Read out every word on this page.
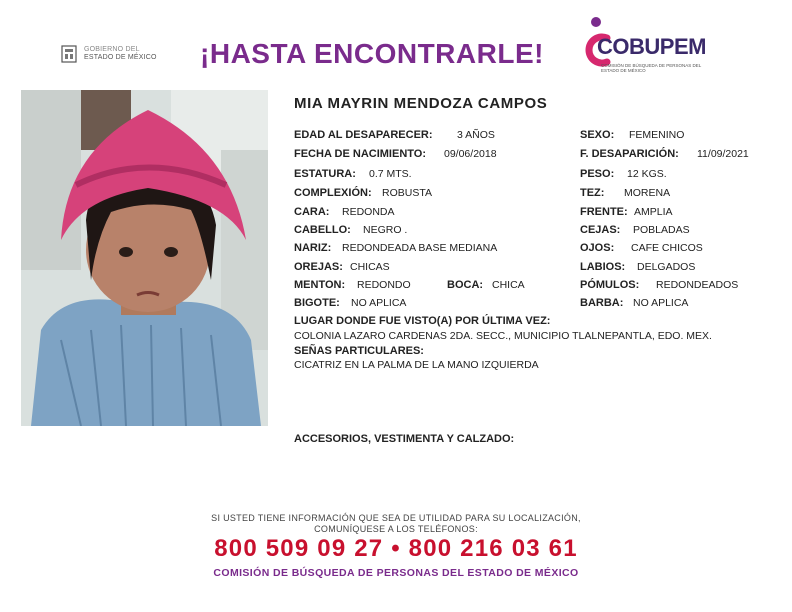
GOBIERNO DEL
ESTADO DE MÉXICO ¡HASTA ENCONTRARLE! COBUPEM
COMISIÓN DE BÚSQUEDA DE PERSONAS DEL ESTADO DE MÉXICO
MIA MAYRIN MENDOZA CAMPOS
EDAD AL DESAPARECER: 3 AÑOS	SEXO: FEMENINO
FECHA DE NACIMIENTO: 09/06/2018	F. DESAPARICIÓN: 11/09/2021
ESTATURA: 0.7 MTS.	PESO: 12 KGS.
COMPLEXIÓN: ROBUSTA	TEZ: MORENA
CARA: REDONDA	FRENTE: AMPLIA
CABELLO: NEGRO .	CEJAS: POBLADAS
NARIZ: REDONDEADA BASE MEDIANA	OJOS: CAFE CHICOS
OREJAS: CHICAS	LABIOS: DELGADOS
MENTON: REDONDO	BOCA: CHICA	PÓMULOS: REDONDEADOS
BIGOTE: NO APLICA	BARBA: NO APLICA
LUGAR DONDE FUE VISTO(A) POR ÚLTIMA VEZ:
COLONIA LAZARO CARDENAS 2DA. SECC., MUNICIPIO TLALNEPANTLA, EDO. MEX.
SEÑAS PARTICULARES:
CICATRIZ EN LA PALMA DE LA MANO IZQUIERDA
ACCESORIOS, VESTIMENTA Y CALZADO:
SI USTED TIENE INFORMACIÓN QUE SEA DE UTILIDAD PARA SU LOCALIZACIÓN,
COMUNÍQUESE A LOS TELÉFONOS:
800 509 09 27 • 800 216 03 61
COMISIÓN DE BÚSQUEDA DE PERSONAS DEL ESTADO DE MÉXICO
